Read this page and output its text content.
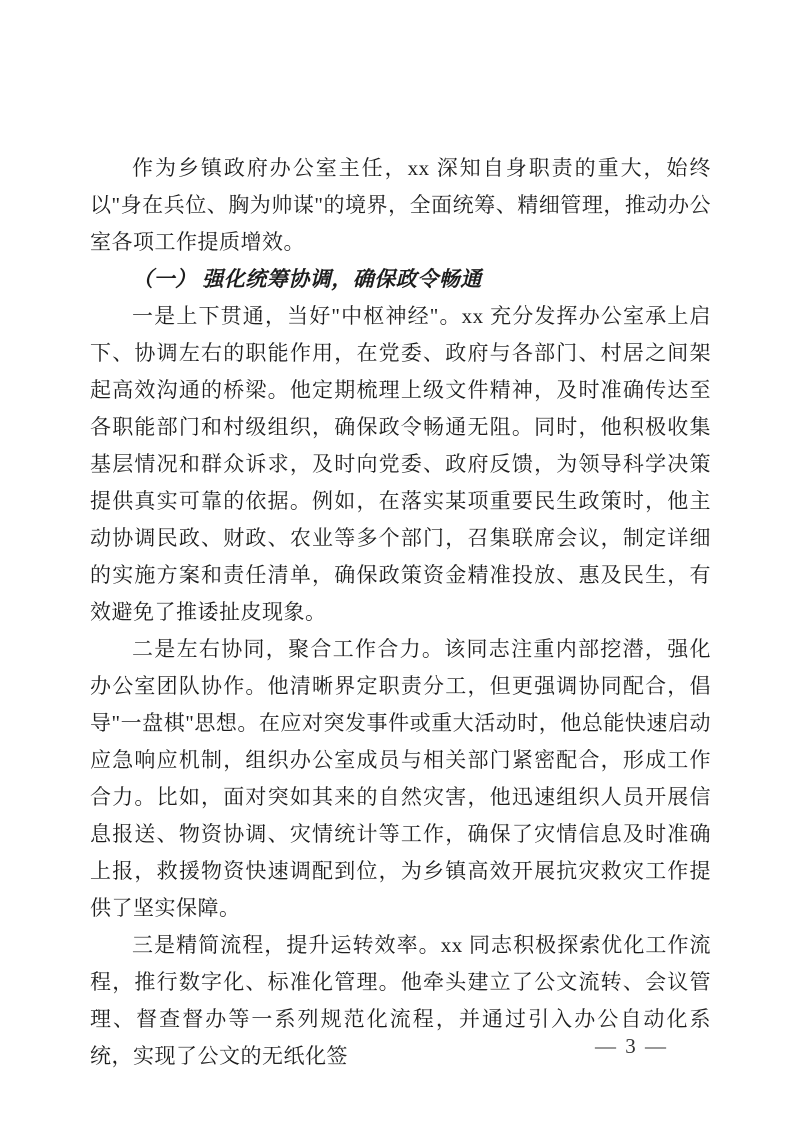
作为乡镇政府办公室主任，xx 深知自身职责的重大，始终以"身在兵位、胸为帅谋"的境界，全面统筹、精细管理，推动办公室各项工作提质增效。

（一） 强化统筹协调，确保政令畅通

一是上下贯通，当好"中枢神经"。xx 充分发挥办公室承上启下、协调左右的职能作用，在党委、政府与各部门、村居之间架起高效沟通的桥梁。他定期梳理上级文件精神，及时准确传达至各职能部门和村级组织，确保政令畅通无阻。同时，他积极收集基层情况和群众诉求，及时向党委、政府反馈，为领导科学决策提供真实可靠的依据。例如，在落实某项重要民生政策时，他主动协调民政、财政、农业等多个部门，召集联席会议，制定详细的实施方案和责任清单，确保政策资金精准投放、惠及民生，有效避免了推诿扯皮现象。

二是左右协同，聚合工作合力。该同志注重内部挖潜，强化办公室团队协作。他清晰界定职责分工，但更强调协同配合，倡导"一盘棋"思想。在应对突发事件或重大活动时，他总能快速启动应急响应机制，组织办公室成员与相关部门紧密配合，形成工作合力。比如，面对突如其来的自然灾害，他迅速组织人员开展信息报送、物资协调、灾情统计等工作，确保了灾情信息及时准确上报，救援物资快速调配到位，为乡镇高效开展抗灾救灾工作提供了坚实保障。

三是精简流程，提升运转效率。xx 同志积极探索优化工作流程，推行数字化、标准化管理。他牵头建立了公文流转、会议管理、督查督办等一系列规范化流程，并通过引入办公自动化系统，实现了公文的无纸化签	— 3 —
